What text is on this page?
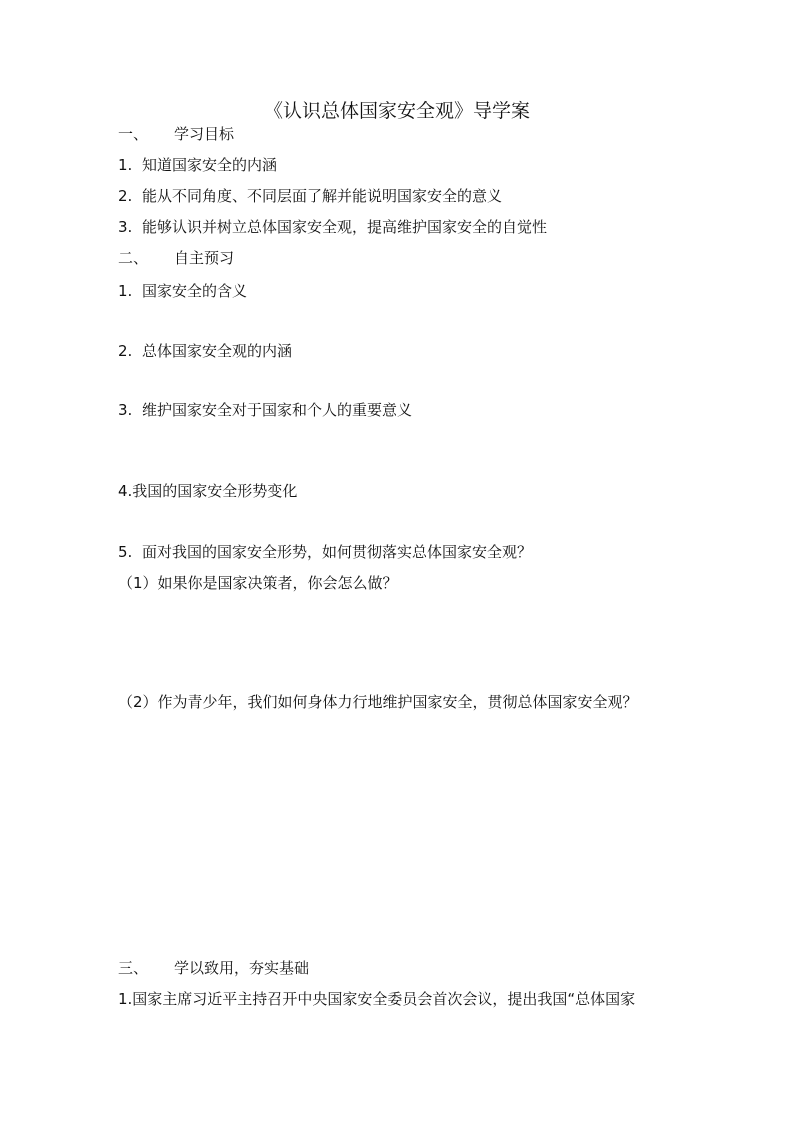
《认识总体国家安全观》导学案
一、 学习目标
1. 知道国家安全的内涵
2. 能从不同角度、不同层面了解并能说明国家安全的意义
3. 能够认识并树立总体国家安全观，提高维护国家安全的自觉性
二、 自主预习
1. 国家安全的含义
2. 总体国家安全观的内涵
3. 维护国家安全对于国家和个人的重要意义
4.我国的国家安全形势变化
5. 面对我国的国家安全形势，如何贯彻落实总体国家安全观？
（1）如果你是国家决策者，你会怎么做？
（2）作为青少年，我们如何身体力行地维护国家安全，贯彻总体国家安全观？
三、 学以致用，夯实基础
1.国家主席习近平主持召开中央国家安全委员会首次会议，提出我国“总体国家
